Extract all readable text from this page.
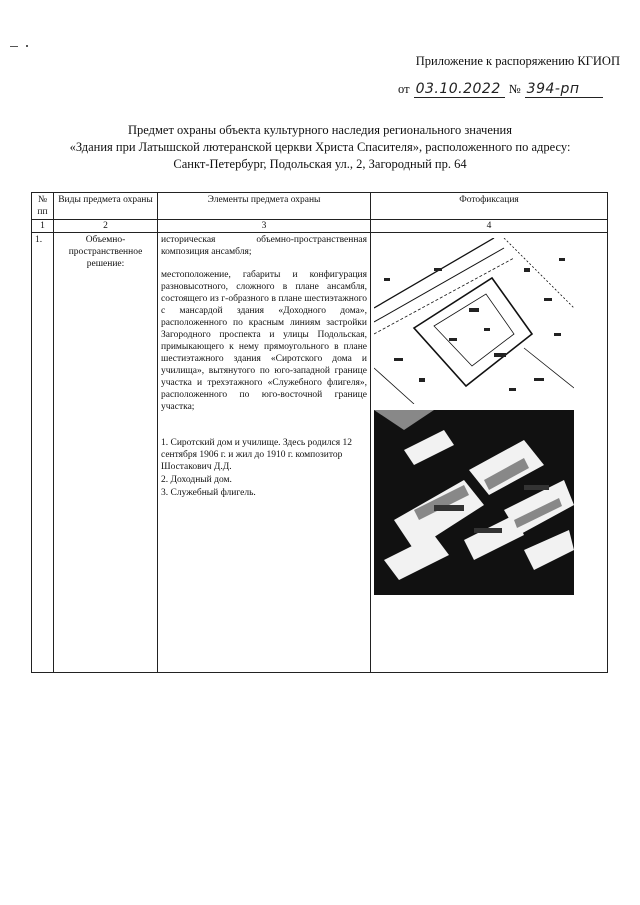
Приложение к распоряжению КГИОП
от 03.10.2022 № 394-рп
Предмет охраны объекта культурного наследия регионального значения
«Здания при Латышской лютеранской церкви Христа Спасителя», расположенного по адресу:
Санкт-Петербург, Подольская ул., 2, Загородный пр. 64
№ пп	Виды предмета охраны	Элементы предмета охраны	Фотофиксация
1	2	3	4
1.	Объемно-пространственное решение:	историческая объемно-пространственная композиция ансамбля;

местоположение, габариты и конфигурация разновысотного, сложного в плане ансамбля, состоящего из г-образного в плане шестиэтажного с мансардой здания «Доходного дома», расположенного по красным линиям застройки Загородного проспекта и улицы Подольская, примыкающего к нему прямоугольного в плане шестиэтажного здания «Сиротского дома и училища», вытянутого по юго-западной границе участка и трехэтажного «Служебного флигеля», расположенного по юго-восточной границе участка;

1. Сиротский дом и училище. Здесь родился 12 сентября 1906 г. и жил до 1910 г. композитор Шостакович Д.Д.
2. Доходный дом.
3. Служебный флигель.
